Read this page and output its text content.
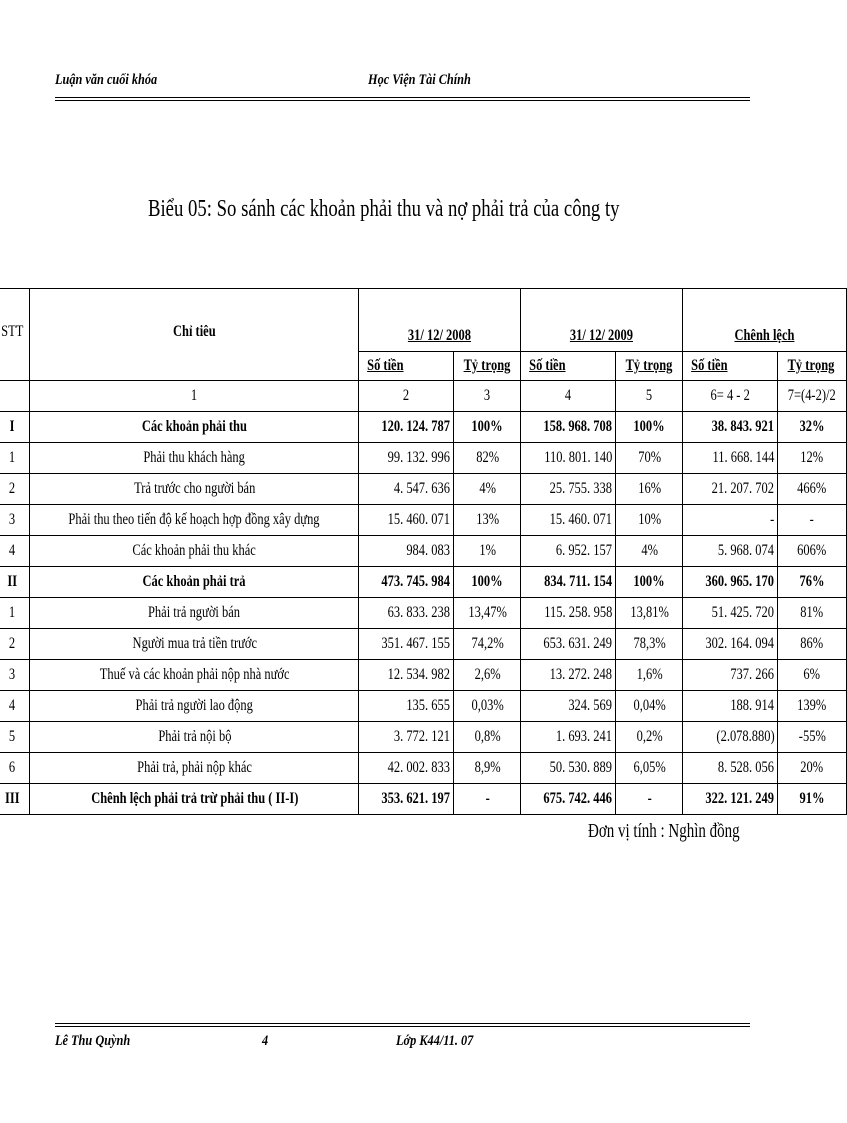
Luận văn cuối khóa	Học Viện Tài Chính
Biểu 05: So sánh các khoản phải thu và nợ phải trả của công ty
STT	Chỉ tiêu	31/ 12/ 2008		31/ 12/ 2009		Chênh lệch	
		Số tiền	Tỷ trọng	Số tiền	Tỷ trọng	Số tiền	Tỷ trọng
	1	2	3	4	5	6= 4 - 2	7=(4-2)/2
I	Các khoản phải thu	120. 124. 787	100%	158. 968. 708	100%	38. 843. 921	32%
1	Phải thu khách hàng	99. 132. 996	82%	110. 801. 140	70%	11. 668. 144	12%
2	Trả trước cho người bán	4. 547. 636	4%	25. 755. 338	16%	21. 207. 702	466%
3	Phải thu theo tiến độ kế hoạch hợp đồng xây dựng	15. 460. 071	13%	15. 460. 071	10%	-	-
4	Các khoản phải thu khác	984. 083	1%	6. 952. 157	4%	5. 968. 074	606%
II	Các khoản phải trả	473. 745. 984	100%	834. 711. 154	100%	360. 965. 170	76%
1	Phải trả người bán	63. 833. 238	13,47%	115. 258. 958	13,81%	51. 425. 720	81%
2	Người mua trả tiền trước	351. 467. 155	74,2%	653. 631. 249	78,3%	302. 164. 094	86%
3	Thuế và các khoản phải nộp nhà nước	12. 534. 982	2,6%	13. 272. 248	1,6%	737. 266	6%
4	Phải trả người lao động	135. 655	0,03%	324. 569	0,04%	188. 914	139%
5	Phải trả nội bộ	3. 772. 121	0,8%	1. 693. 241	0,2%	(2.078.880)	-55%
6	Phải trả, phải nộp khác	42. 002. 833	8,9%	50. 530. 889	6,05%	8. 528. 056	20%
III	Chênh lệch phải trả trừ phải thu ( II-I)	353. 621. 197	-	675. 742. 446	-	322. 121. 249	91%
Đơn vị tính : Nghìn đồng
Lê Thu Quỳnh	4	Lớp K44/11. 07
